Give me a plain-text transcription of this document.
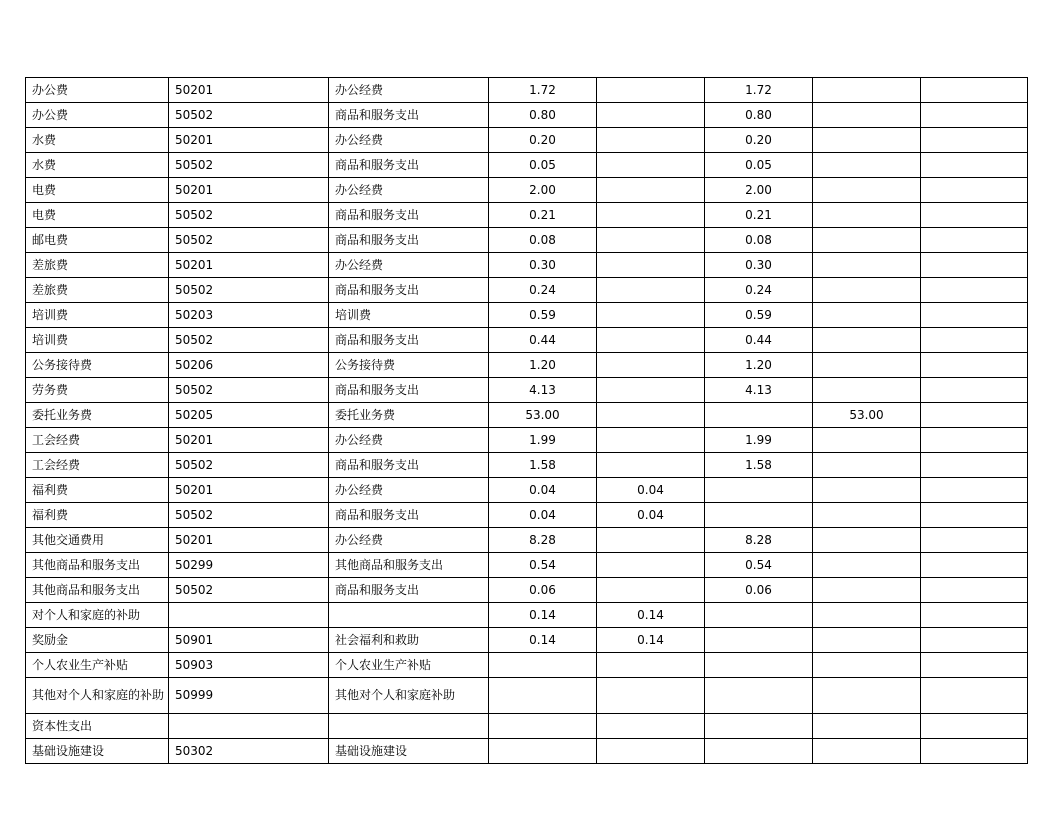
办公费	50201	办公经费	1.72		1.72		
办公费	50502	商品和服务支出	0.80		0.80		
水费	50201	办公经费	0.20		0.20		
水费	50502	商品和服务支出	0.05		0.05		
电费	50201	办公经费	2.00		2.00		
电费	50502	商品和服务支出	0.21		0.21		
邮电费	50502	商品和服务支出	0.08		0.08		
差旅费	50201	办公经费	0.30		0.30		
差旅费	50502	商品和服务支出	0.24		0.24		
培训费	50203	培训费	0.59		0.59		
培训费	50502	商品和服务支出	0.44		0.44		
公务接待费	50206	公务接待费	1.20		1.20		
劳务费	50502	商品和服务支出	4.13		4.13		
委托业务费	50205	委托业务费	53.00			53.00	
工会经费	50201	办公经费	1.99		1.99		
工会经费	50502	商品和服务支出	1.58		1.58		
福利费	50201	办公经费	0.04	0.04			
福利费	50502	商品和服务支出	0.04	0.04			
其他交通费用	50201	办公经费	8.28		8.28		
其他商品和服务支出	50299	其他商品和服务支出	0.54		0.54		
其他商品和服务支出	50502	商品和服务支出	0.06		0.06		
对个人和家庭的补助			0.14	0.14			
奖励金	50901	社会福利和救助	0.14	0.14			
个人农业生产补贴	50903	个人农业生产补贴					
其他对个人和家庭的补助	50999	其他对个人和家庭补助					
资本性支出							
基础设施建设	50302	基础设施建设					
